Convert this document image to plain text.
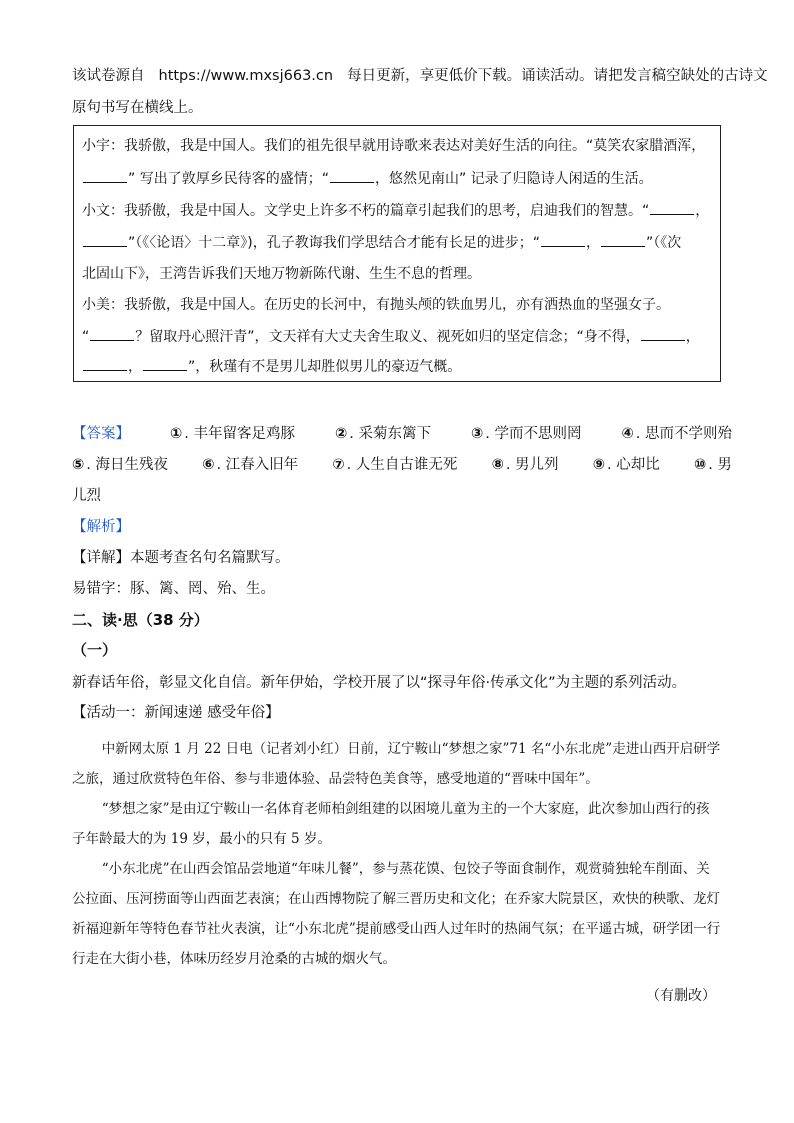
该试卷源自 https://www.mxsj663.cn 每日更新，享更低价下载。诵读活动。请把发言稿空缺处的古诗文
原句书写在横线上。
小宇：我骄傲，我是中国人。我们的祖先很早就用诗歌来表达对美好生活的向往。“莫笑农家腊酒浑，
” 写出了敦厚乡民待客的盛情；“	，悠然见南山” 记录了归隐诗人闲适的生活。
小文：我骄傲，我是中国人。文学史上许多不朽的篇章引起我们的思考，启迪我们的智慧。“	，
”（《〈论语〉十二章》)，孔子教诲我们学思结合才能有长足的进步；“	，	”（《次
北固山下》，王湾告诉我们天地万物新陈代谢、生生不息的哲理。
小美：我骄傲，我是中国人。在历史的长河中，有抛头颅的铁血男儿，亦有洒热血的坚强女子。
“	？留取丹心照汗青”，文天祥有大丈夫舍生取义、视死如归的坚定信念；“身不得，	，
，	”，秋瑾有不是男儿却胜似男儿的豪迈气概。
【答案】	① . 丰年留客足鸡豚	② . 采菊东篱下	③ . 学而不思则罔	④ . 思而不学则殆
⑤ . 海日生残夜 ⑥ . 江春入旧年 ⑦ . 人生自古谁无死 ⑧ . 男儿列 ⑨ . 心却比 ⑩ . 男
儿烈
【解析】
【详解】本题考查名句名篇默写。
易错字：豚、篱、罔、殆、生。
二、读·思（38 分）
（一）
新春话年俗，彰显文化自信。新年伊始，学校开展了以“探寻年俗·传承文化”为主题的系列活动。
【活动一：新闻速递 感受年俗】

中新网太原 1 月 22 日电（记者刘小红）日前，辽宁鞍山“梦想之家”71 名“小东北虎”走进山西开启研学之旅，通过欣赏特色年俗、参与非遗体验、品尝特色美食等，感受地道的“晋味中国年”。

“梦想之家”是由辽宁鞍山一名体育老师柏剑组建的以困境儿童为主的一个大家庭，此次参加山西行的孩子年龄最大的为 19 岁，最小的只有 5 岁。

“小东北虎”在山西会馆品尝地道“年味儿餐”，参与蒸花馍、包饺子等面食制作，观赏骑独轮车削面、关公拉面、压河捞面等山西面艺表演；在山西博物院了解三晋历史和文化；在乔家大院景区，欢快的秧歌、龙灯祈福迎新年等特色春节社火表演，让“小东北虎”提前感受山西人过年时的热闹气氛；在平遥古城，研学团一行行走在大街小巷，体味历经岁月沧桑的古城的烟火气。

（有删改）
